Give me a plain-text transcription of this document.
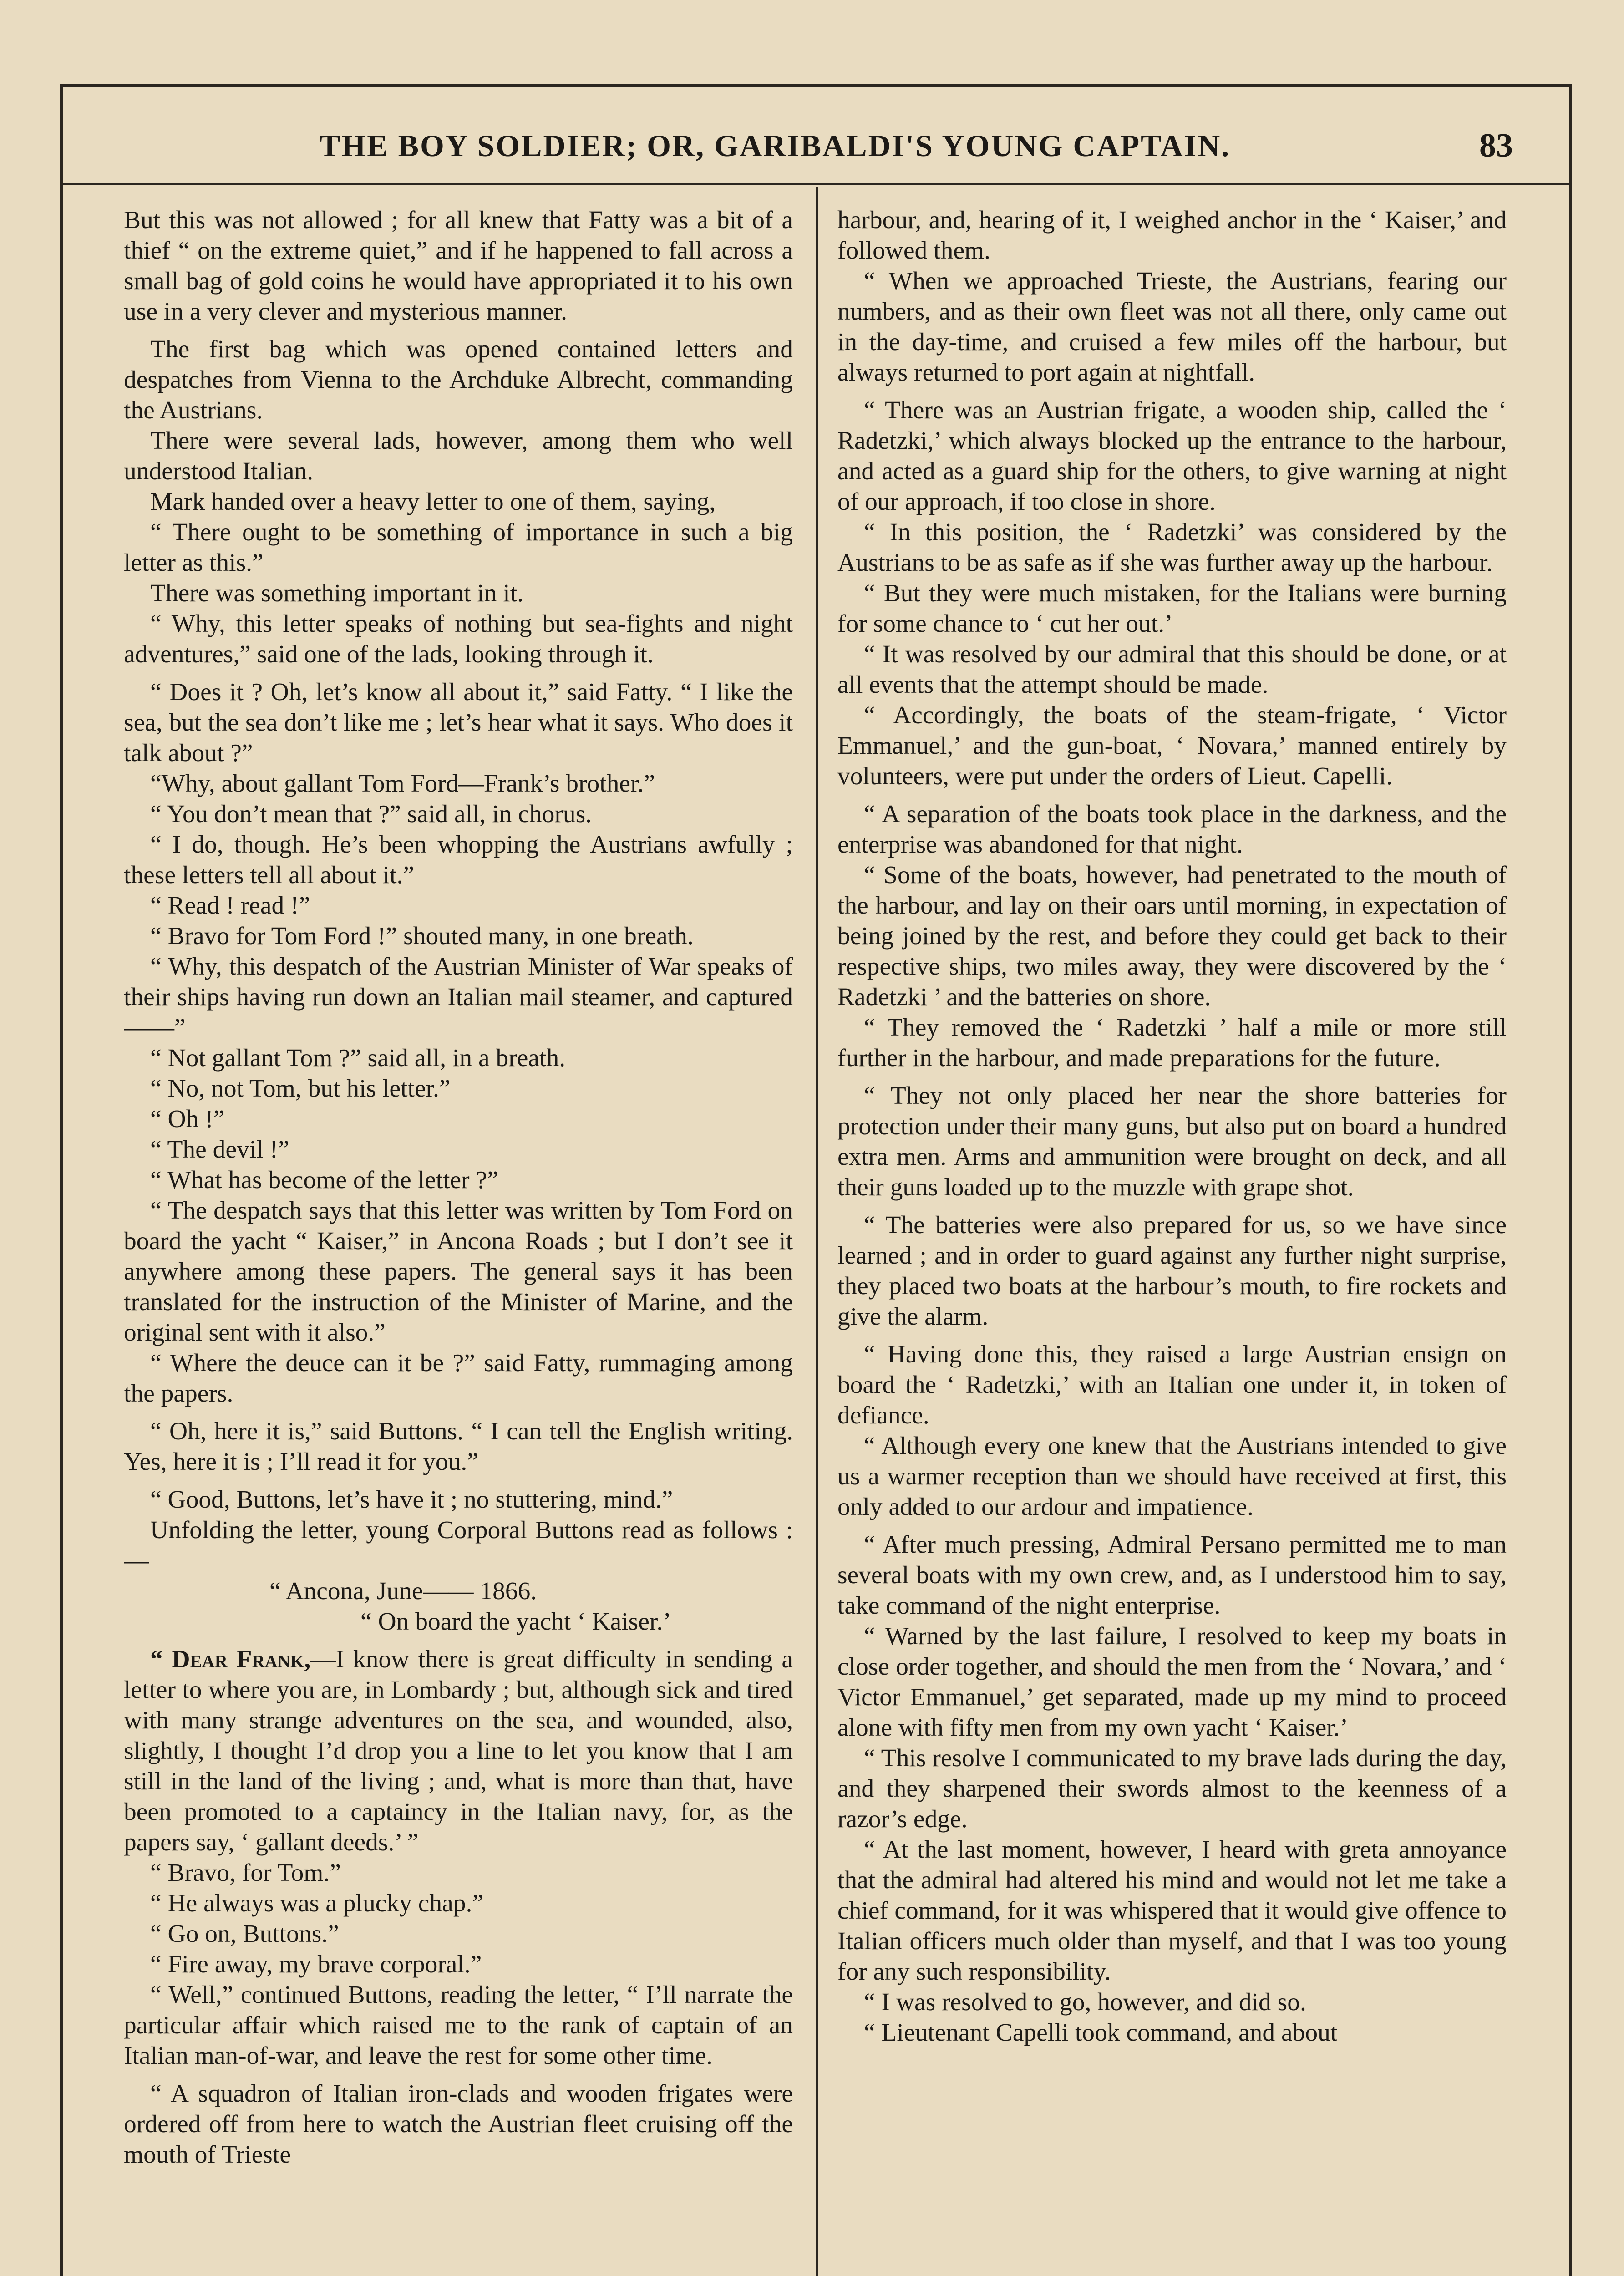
THE BOY SOLDIER; OR, GARIBALDI'S YOUNG CAPTAIN.	83

But this was not allowed ; for all knew that Fatty was a bit of a thief “ on the extreme quiet,” and if he happened to fall across a small bag of gold coins he would have appropriated it to his own use in a very clever and mysterious manner.

The first bag which was opened contained letters and despatches from Vienna to the Archduke Albrecht, commanding the Austrians.

There were several lads, however, among them who well understood Italian.

Mark handed over a heavy letter to one of them, saying,

“ There ought to be something of importance in such a big letter as this.”

There was something important in it.

“ Why, this letter speaks of nothing but sea-fights and night adventures,” said one of the lads, looking through it.

“ Does it ? Oh, let’s know all about it,” said Fatty. “ I like the sea, but the sea don’t like me ; let’s hear what it says. Who does it talk about ?”

“Why, about gallant Tom Ford—Frank’s brother.”

“ You don’t mean that ?” said all, in chorus.

“ I do, though. He’s been whopping the Austrians awfully ; these letters tell all about it.”

“ Read ! read !”

“ Bravo for Tom Ford !” shouted many, in one breath.

“ Why, this despatch of the Austrian Minister of War speaks of their ships having run down an Italian mail steamer, and captured——”

“ Not gallant Tom ?” said all, in a breath.

“ No, not Tom, but his letter.”

“ Oh !”

“ The devil !”

“ What has become of the letter ?”

“ The despatch says that this letter was written by Tom Ford on board the yacht “ Kaiser,” in Ancona Roads ; but I don’t see it anywhere among these papers. The general says it has been translated for the instruction of the Minister of Marine, and the original sent with it also.”

“ Where the deuce can it be ?” said Fatty, rummaging among the papers.

“ Oh, here it is,” said Buttons. “ I can tell the English writing. Yes, here it is ; I’ll read it for you.”

“ Good, Buttons, let’s have it ; no stuttering, mind.”

Unfolding the letter, young Corporal Buttons read as follows :—

“ Ancona, June—— 1866.

“ On board the yacht ‘ Kaiser.’

“ Dear Frank,—I know there is great difficulty in sending a letter to where you are, in Lombardy ; but, although sick and tired with many strange adventures on the sea, and wounded, also, slightly, I thought I’d drop you a line to let you know that I am still in the land of the living ; and, what is more than that, have been promoted to a captaincy in the Italian navy, for, as the papers say, ‘ gallant deeds.’ ”

“ Bravo, for Tom.”

“ He always was a plucky chap.”

“ Go on, Buttons.”

“ Fire away, my brave corporal.”

“ Well,” continued Buttons, reading the letter, “ I’ll narrate the particular affair which raised me to the rank of captain of an Italian man-of-war, and leave the rest for some other time.

“ A squadron of Italian iron-clads and wooden frigates were ordered off from here to watch the Austrian fleet cruising off the mouth of Trieste

harbour, and, hearing of it, I weighed anchor in the ‘ Kaiser,’ and followed them.

“ When we approached Trieste, the Austrians, fearing our numbers, and as their own fleet was not all there, only came out in the day-time, and cruised a few miles off the harbour, but always returned to port again at nightfall.

“ There was an Austrian frigate, a wooden ship, called the ‘ Radetzki,’ which always blocked up the entrance to the harbour, and acted as a guard ship for the others, to give warning at night of our approach, if too close in shore.

“ In this position, the ‘ Radetzki’ was considered by the Austrians to be as safe as if she was further away up the harbour.

“ But they were much mistaken, for the Italians were burning for some chance to ‘ cut her out.’

“ It was resolved by our admiral that this should be done, or at all events that the attempt should be made.

“ Accordingly, the boats of the steam-frigate, ‘ Victor Emmanuel,’ and the gun-boat, ‘ Novara,’ manned entirely by volunteers, were put under the orders of Lieut. Capelli.

“ A separation of the boats took place in the darkness, and the enterprise was abandoned for that night.

“ Some of the boats, however, had penetrated to the mouth of the harbour, and lay on their oars until morning, in expectation of being joined by the rest, and before they could get back to their respective ships, two miles away, they were discovered by the ‘ Radetzki ’ and the batteries on shore.

“ They removed the ‘ Radetzki ’ half a mile or more still further in the harbour, and made preparations for the future.

“ They not only placed her near the shore batteries for protection under their many guns, but also put on board a hundred extra men. Arms and ammunition were brought on deck, and all their guns loaded up to the muzzle with grape shot.

“ The batteries were also prepared for us, so we have since learned ; and in order to guard against any further night surprise, they placed two boats at the harbour’s mouth, to fire rockets and give the alarm.

“ Having done this, they raised a large Austrian ensign on board the ‘ Radetzki,’ with an Italian one under it, in token of defiance.

“ Although every one knew that the Austrians intended to give us a warmer reception than we should have received at first, this only added to our ardour and impatience.

“ After much pressing, Admiral Persano permitted me to man several boats with my own crew, and, as I understood him to say, take command of the night enterprise.

“ Warned by the last failure, I resolved to keep my boats in close order together, and should the men from the ‘ Novara,’ and ‘ Victor Emmanuel,’ get separated, made up my mind to proceed alone with fifty men from my own yacht ‘ Kaiser.’

“ This resolve I communicated to my brave lads during the day, and they sharpened their swords almost to the keenness of a razor’s edge.

“ At the last moment, however, I heard with greta annoyance that the admiral had altered his mind and would not let me take a chief command, for it was whispered that it would give offence to Italian officers much older than myself, and that I was too young for any such responsibility.

“ I was resolved to go, however, and did so.

“ Lieutenant Capelli took command, and about
